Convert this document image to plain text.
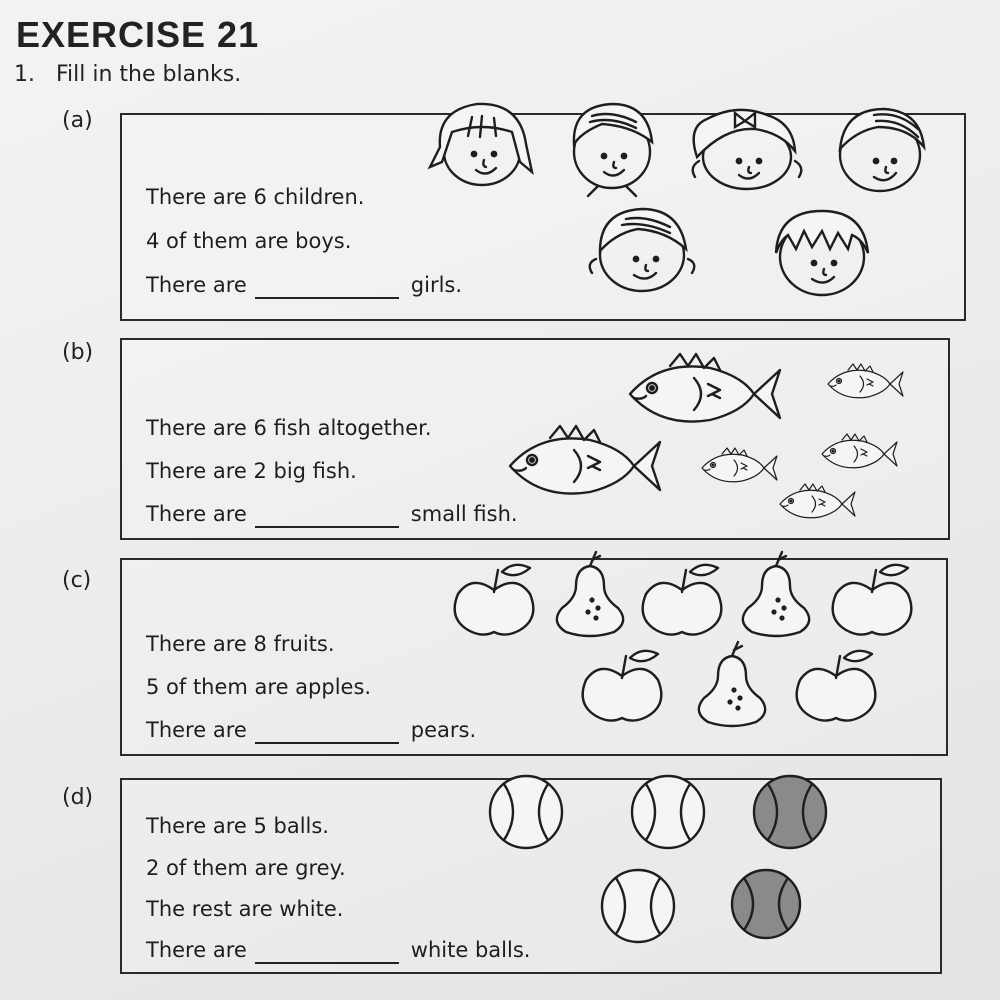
EXERCISE 21
1. Fill in the blanks.
(a)
There are 6 children.
4 of them are boys.
There are	girls.
(b)
There are 6 fish altogether.
There are 2 big fish.
There are	small fish.
(c)
There are 8 fruits.
5 of them are apples.
There are	pears.
(d)
There are 5 balls.
2 of them are grey.
The rest are white.
There are	white balls.
